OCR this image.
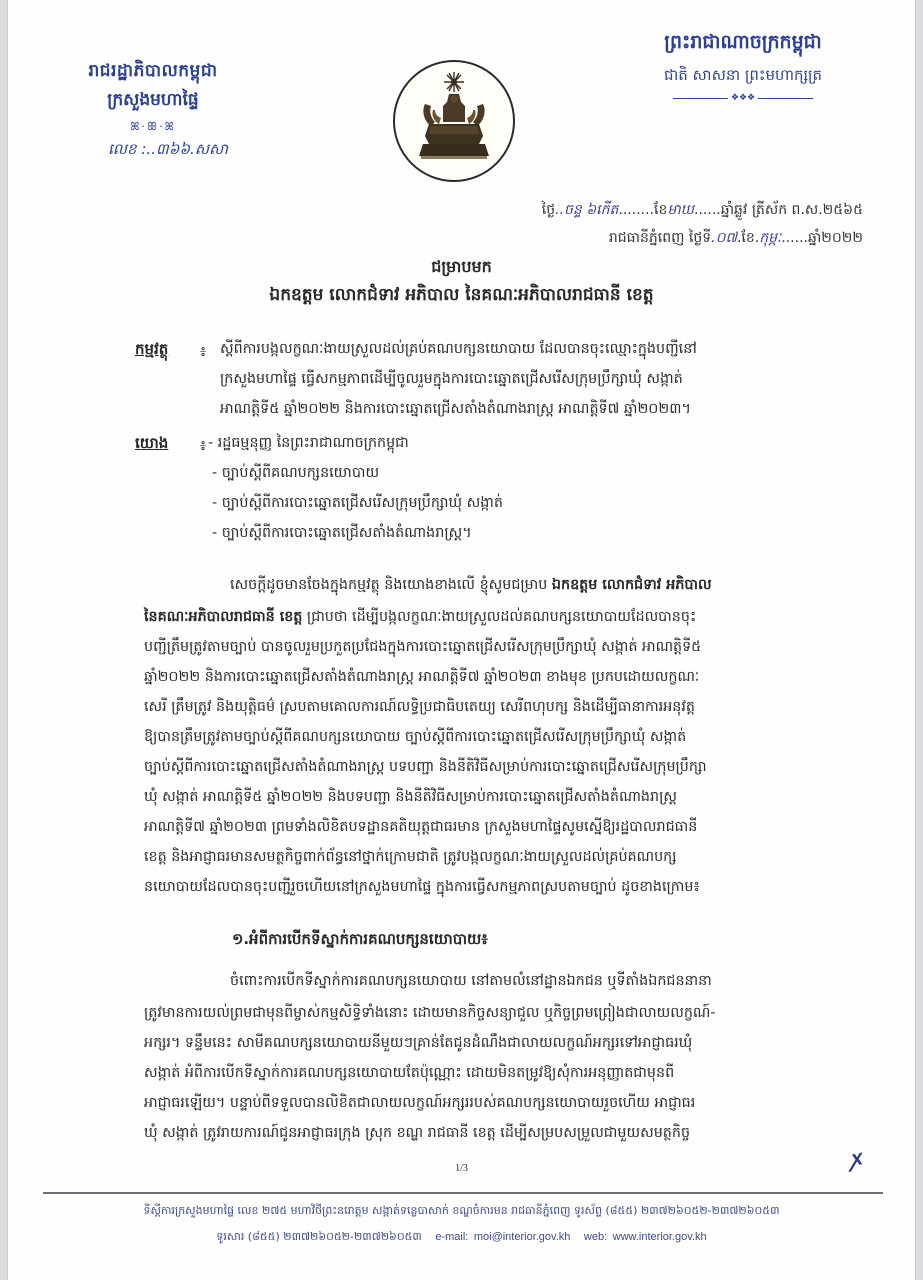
រាជរដ្ឋាភិបាលកម្ពុជា
ក្រសួងមហាផ្ទៃ
ꕤ·ꕥ·ꕤ
លេខ :..៣៦៦.សសា
ព្រះរាជាណាចក្រកម្ពុជា
ជាតិ សាសនា ព្រះមហាក្សត្រ
❖❖❖
ថ្ងៃ..ចន្ទ ៦កើត........ខែមាឃ......ឆ្នាំឆ្លូវ ត្រីស័ក ព.ស.២៥៦៥
រាជធានីភ្នំពេញ ថ្ងៃទី.០៧.ខែ.កុម្ភៈ......ឆ្នាំ២០២២
ជម្រាបមក
ឯកឧត្តម លោកជំទាវ អភិបាល នៃគណៈអភិបាលរាជធានី ខេត្ត
កម្មវត្ថុ ៖ ស្តីពីការបង្កលក្ខណៈងាយស្រួលដល់គ្រប់គណបក្សនយោបាយ ដែលបានចុះឈ្មោះក្នុងបញ្ជីនៅ
ក្រសួងមហាផ្ទៃ ធ្វើសកម្មភាពដើម្បីចូលរួមក្នុងការបោះឆ្នោតជ្រើសរើសក្រុមប្រឹក្សាឃុំ សង្កាត់
អាណត្តិទី៥ ឆ្នាំ២០២២ និងការបោះឆ្នោតជ្រើសតាំងតំណាងរាស្ត្រ អាណត្តិទី៧ ឆ្នាំ២០២៣។
យោង ៖ - រដ្ឋធម្មនុញ្ញ នៃព្រះរាជាណាចក្រកម្ពុជា
- ច្បាប់ស្តីពីគណបក្សនយោបាយ
- ច្បាប់ស្តីពីការបោះឆ្នោតជ្រើសរើសក្រុមប្រឹក្សាឃុំ សង្កាត់
- ច្បាប់ស្តីពីការបោះឆ្នោតជ្រើសតាំងតំណាងរាស្ត្រ។
សេចក្តីដូចមានចែងក្នុងកម្មវត្ថុ និងយោងខាងលើ ខ្ញុំសូមជម្រាប ឯកឧត្តម លោកជំទាវ អភិបាល
នៃគណៈអភិបាលរាជធានី ខេត្ត ជ្រាបថា ដើម្បីបង្កលក្ខណៈងាយស្រួលដល់គណបក្សនយោបាយដែលបានចុះ
បញ្ជីត្រឹមត្រូវតាមច្បាប់ បានចូលរួមប្រកួតប្រជែងក្នុងការបោះឆ្នោតជ្រើសរើសក្រុមប្រឹក្សាឃុំ សង្កាត់ អាណត្តិទី៥
ឆ្នាំ២០២២ និងការបោះឆ្នោតជ្រើសតាំងតំណាងរាស្ត្រ អាណត្តិទី៧ ឆ្នាំ២០២៣ ខាងមុខ ប្រកបដោយលក្ខណៈ
សេរី ត្រឹមត្រូវ និងយុត្តិធម៌ ស្របតាមគោលការណ៍លទ្ធិប្រជាធិបតេយ្យ សេរីពហុបក្ស និងដើម្បីធានាការអនុវត្ត
ឱ្យបានត្រឹមត្រូវតាមច្បាប់ស្តីពីគណបក្សនយោបាយ ច្បាប់ស្តីពីការបោះឆ្នោតជ្រើសរើសក្រុមប្រឹក្សាឃុំ សង្កាត់
ច្បាប់ស្តីពីការបោះឆ្នោតជ្រើសតាំងតំណាងរាស្ត្រ បទបញ្ជា និងនីតិវិធីសម្រាប់ការបោះឆ្នោតជ្រើសរើសក្រុមប្រឹក្សា
ឃុំ សង្កាត់ អាណត្តិទី៥ ឆ្នាំ២០២២ និងបទបញ្ជា និងនីតិវិធីសម្រាប់ការបោះឆ្នោតជ្រើសតាំងតំណាងរាស្ត្រ
អាណត្តិទី៧ ឆ្នាំ២០២៣ ព្រមទាំងលិខិតបទដ្ឋានគតិយុត្តជាធរមាន ក្រសួងមហាផ្ទៃសូមស្នើឱ្យរដ្ឋបាលរាជធានី
ខេត្ត និងអាជ្ញាធរមានសមត្ថកិច្ចពាក់ព័ន្ធនៅថ្នាក់ក្រោមជាតិ ត្រូវបង្កលក្ខណៈងាយស្រួលដល់គ្រប់គណបក្ស
នយោបាយដែលបានចុះបញ្ជីរួចហើយនៅក្រសួងមហាផ្ទៃ ក្នុងការធ្វើសកម្មភាពស្របតាមច្បាប់ ដូចខាងក្រោម៖
១.អំពីការបើកទីស្នាក់ការគណបក្សនយោបាយ៖
ចំពោះការបើកទីស្នាក់ការគណបក្សនយោបាយ នៅតាមលំនៅដ្ឋានឯកជន ឬទីតាំងឯកជននានា
ត្រូវមានការយល់ព្រមជាមុនពីម្ចាស់កម្មសិទ្ធិទាំងនោះ ដោយមានកិច្ចសន្យាជួល ឬកិច្ចព្រមព្រៀងជាលាយលក្ខណ៍-
អក្សរ។ ទន្ទឹមនេះ សាមីគណបក្សនយោបាយនីមួយៗគ្រាន់តែជូនដំណឹងជាលាយលក្ខណ៍អក្សរទៅអាជ្ញាធរឃុំ
សង្កាត់ អំពីការបើកទីស្នាក់ការគណបក្សនយោបាយតែប៉ុណ្ណោះ ដោយមិនតម្រូវឱ្យសុំការអនុញ្ញាតជាមុនពី
អាជ្ញាធរឡើយ។ បន្ទាប់ពីទទួលបានលិខិតជាលាយលក្ខណ៍អក្សររបស់គណបក្សនយោបាយរួចហើយ អាជ្ញាធរ
ឃុំ សង្កាត់ ត្រូវរាយការណ៍ជូនអាជ្ញាធរក្រុង ស្រុក ខណ្ឌ រាជធានី ខេត្ត ដើម្បីសម្របសម្រួលជាមួយសមត្ថកិច្ច
1/3	ꭗ
ទីស្តីការក្រសួងមហាផ្ទៃ លេខ ២៧៥ មហាវិថីព្រះនរោត្តម សង្កាត់ទន្លេបាសាក់ ខណ្ឌចំការមន រាជធានីភ្នំពេញ ទូរស័ព្ទ (៨៥៥) ២៣៧២៦០៥២-២៣៧២៦០៥៣
ទូរសារ (៨៥៥) ២៣៧២៦០៥២-២៣៧២៦០៥៣ e-mail: moi@interior.gov.kh web: www.interior.gov.kh
